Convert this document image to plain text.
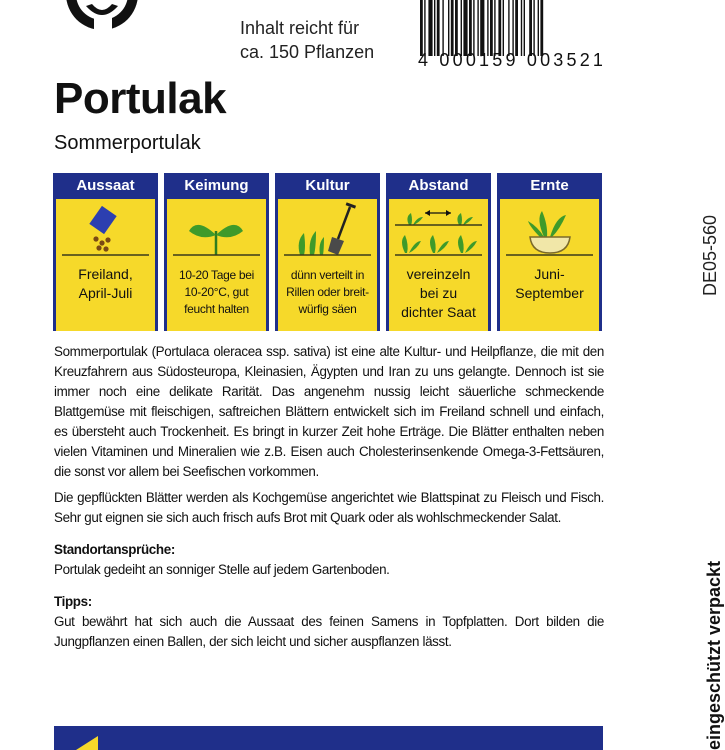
Inhalt reicht für
ca. 150 Pflanzen	4 000159 003521
Portulak
Sommerportulak
Aussaat
Freiland,
April-Juli
Keimung
10-20 Tage bei
10-20°C, gut
feucht halten
Kultur
dünn verteilt in
Rillen oder breit-
würfig säen
Abstand
vereinzeln
bei zu
dichter Saat
Ernte
Juni-
September	DE05-560

Sommerportulak (Portulaca oleracea ssp. sativa) ist eine alte Kultur- und Heilpflanze, die mit den Kreuzfahrern aus Südosteuropa, Kleinasien, Ägypten und Iran zu uns gelangte. Dennoch ist sie immer noch eine delikate Rarität. Das angenehm nussig leicht säuerliche schmeckende Blattgemüse mit fleischigen, saftreichen Blättern entwickelt sich im Freiland schnell und einfach, es übersteht auch Trockenheit. Es bringt in kurzer Zeit hohe Erträge. Die Blätter enthalten neben vielen Vitaminen und Mineralien wie z.B. Eisen auch Cholesterinsenkende Omega-3-Fettsäuren, die sonst vor allem bei Seefischen vorkommen.

Die gepflückten Blätter werden als Kochgemüse angerichtet wie Blattspinat zu Fleisch und Fisch. Sehr gut eignen sie sich auch frisch aufs Brot mit Quark oder als wohlschmeckender Salat.

Standortansprüche:

Portulak gedeiht an sonniger Stelle auf jedem Gartenboden.

Tipps:

Gut bewährt hat sich auch die Aussaat des feinen Samens in Topfplatten. Dort bilden die Jungpflanzen einen Ballen, der sich leicht und sicher auspflanzen lässt.	eingeschützt verpackt
